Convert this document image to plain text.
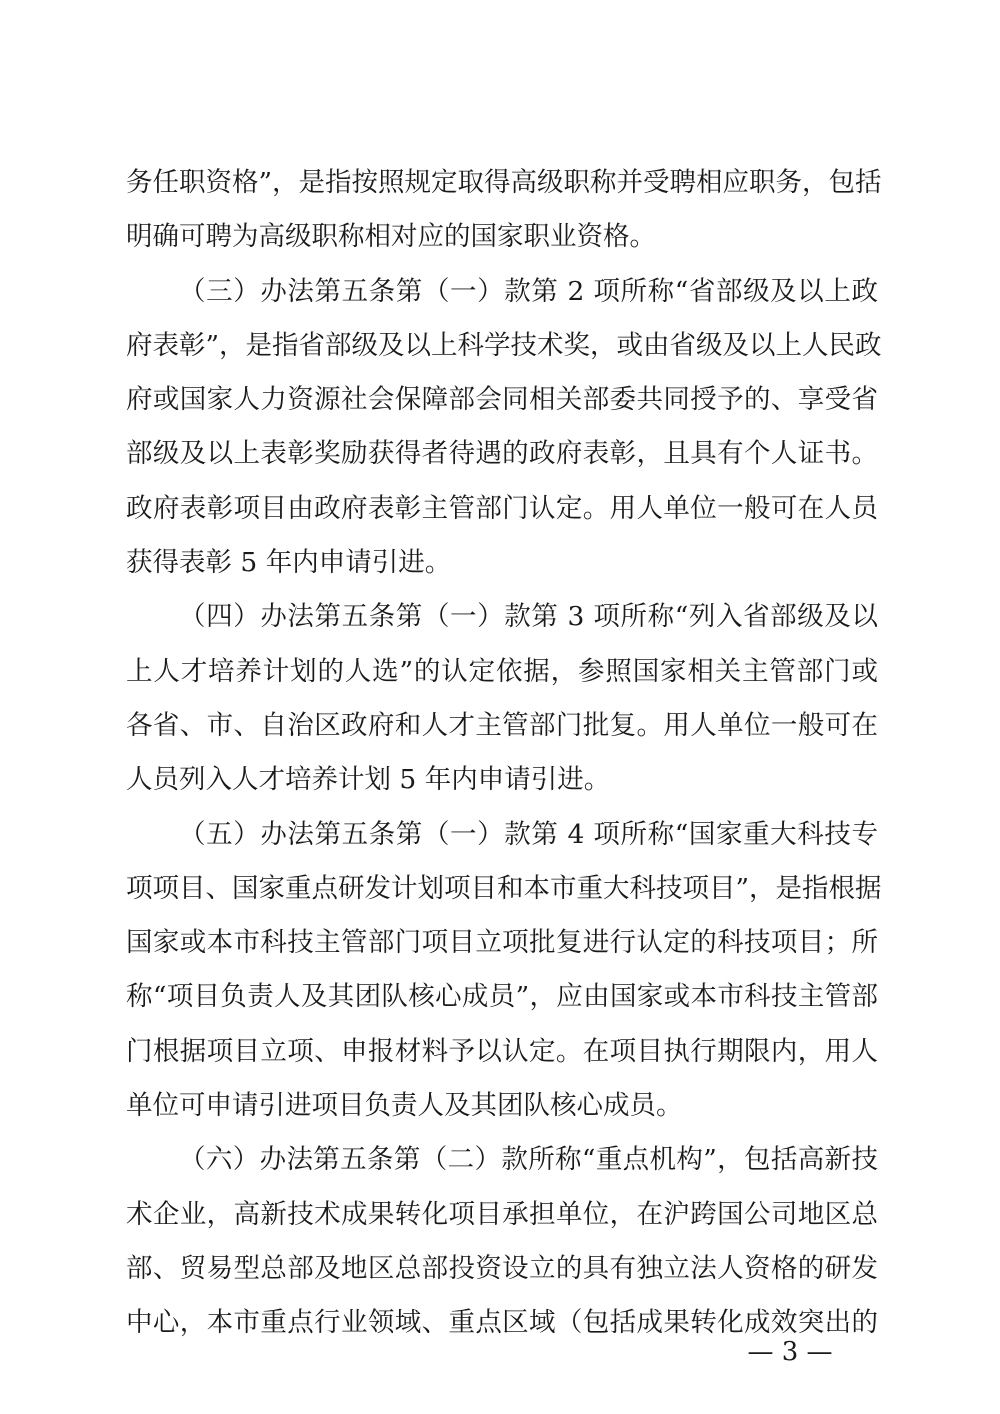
务任职资格”，是指按照规定取得高级职称并受聘相应职务，包括
明确可聘为高级职称相对应的国家职业资格。
（三）办法第五条第（一）款第 2 项所称“省部级及以上政
府表彰”，是指省部级及以上科学技术奖，或由省级及以上人民政
府或国家人力资源社会保障部会同相关部委共同授予的、享受省
部级及以上表彰奖励获得者待遇的政府表彰，且具有个人证书。
政府表彰项目由政府表彰主管部门认定。用人单位一般可在人员
获得表彰 5 年内申请引进。
（四）办法第五条第（一）款第 3 项所称“列入省部级及以
上人才培养计划的人选”的认定依据，参照国家相关主管部门或
各省、市、自治区政府和人才主管部门批复。用人单位一般可在
人员列入人才培养计划 5 年内申请引进。
（五）办法第五条第（一）款第 4 项所称“国家重大科技专
项项目、国家重点研发计划项目和本市重大科技项目”，是指根据
国家或本市科技主管部门项目立项批复进行认定的科技项目；所
称“项目负责人及其团队核心成员”，应由国家或本市科技主管部
门根据项目立项、申报材料予以认定。在项目执行期限内，用人
单位可申请引进项目负责人及其团队核心成员。
（六）办法第五条第（二）款所称“重点机构”，包括高新技
术企业，高新技术成果转化项目承担单位，在沪跨国公司地区总
部、贸易型总部及地区总部投资设立的具有独立法人资格的研发
中心，本市重点行业领域、重点区域（包括成果转化成效突出的
— 3 —
